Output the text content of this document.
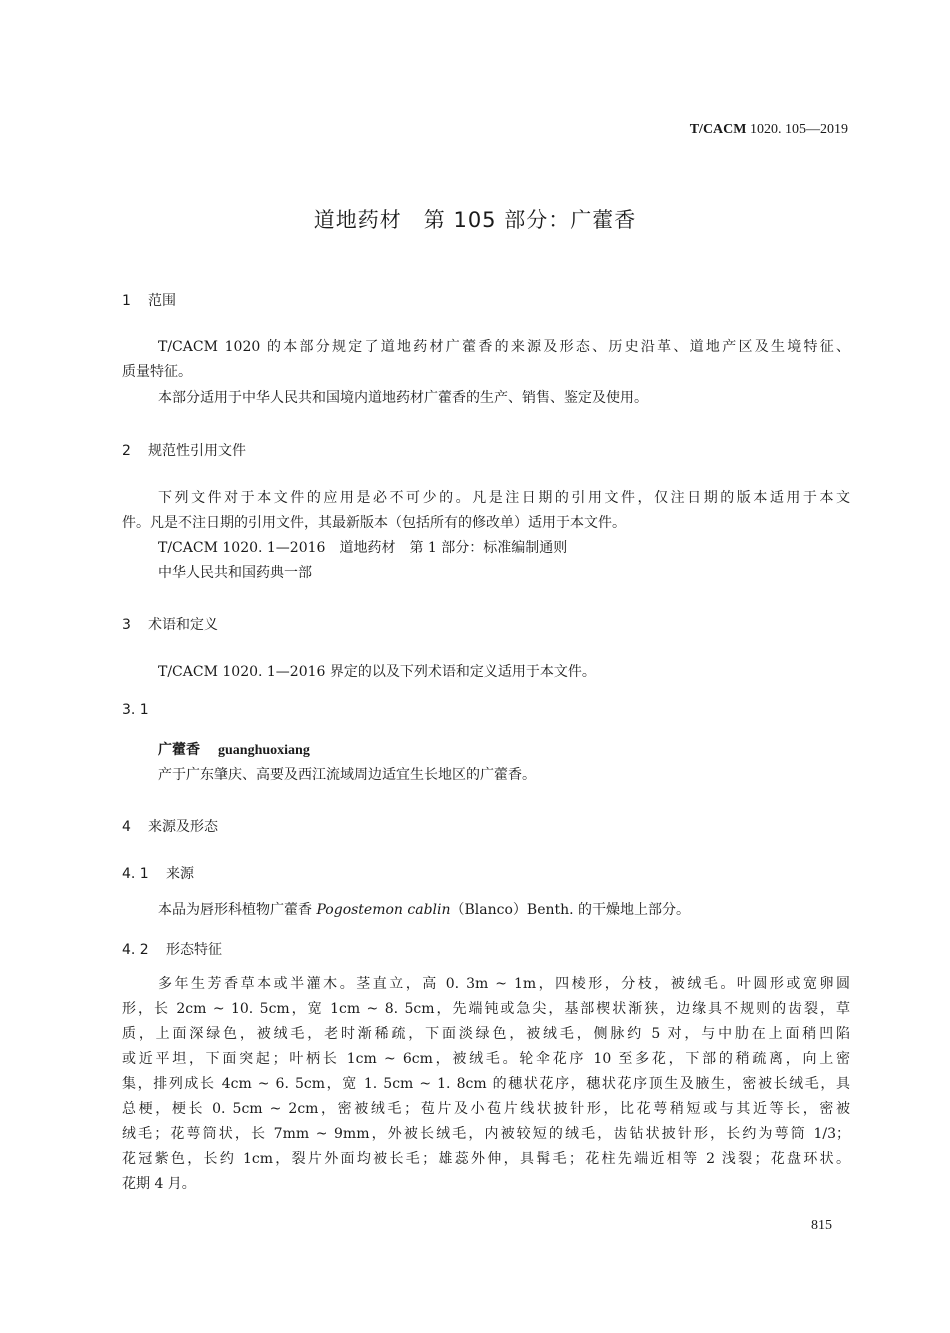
T/CACM 1020. 105—2019
道地药材　第 105 部分：广藿香
1 范围
T/CACM 1020 的本部分规定了道地药材广藿香的来源及形态、历史沿革、道地产区及生境特征、
质量特征。
本部分适用于中华人民共和国境内道地药材广藿香的生产、销售、鉴定及使用。
2 规范性引用文件
下列文件对于本文件的应用是必不可少的。凡是注日期的引用文件，仅注日期的版本适用于本文
件。凡是不注日期的引用文件，其最新版本（包括所有的修改单）适用于本文件。
T/CACM 1020. 1—2016　道地药材　第 1 部分：标准编制通则
中华人民共和国药典一部
3 术语和定义
T/CACM 1020. 1—2016 界定的以及下列术语和定义适用于本文件。
3. 1
广藿香 guanghuoxiang
产于广东肇庆、高要及西江流域周边适宜生长地区的广藿香。
4 来源及形态
4. 1 来源
本品为唇形科植物广藿香 Pogostemon cablin（Blanco）Benth. 的干燥地上部分。
4. 2 形态特征
多年生芳香草本或半灌木。茎直立，高 0. 3m ~ 1m，四棱形，分枝，被绒毛。叶圆形或宽卵圆
形，长 2cm ~ 10. 5cm，宽 1cm ~ 8. 5cm，先端钝或急尖，基部楔状渐狭，边缘具不规则的齿裂，草
质，上面深绿色，被绒毛，老时渐稀疏，下面淡绿色，被绒毛，侧脉约 5 对，与中肋在上面稍凹陷
或近平坦，下面突起；叶柄长 1cm ~ 6cm，被绒毛。轮伞花序 10 至多花，下部的稍疏离，向上密
集，排列成长 4cm ~ 6. 5cm，宽 1. 5cm ~ 1. 8cm 的穗状花序，穗状花序顶生及腋生，密被长绒毛，具
总梗，梗长 0. 5cm ~ 2cm，密被绒毛；苞片及小苞片线状披针形，比花萼稍短或与其近等长，密被
绒毛；花萼筒状，长 7mm ~ 9mm，外被长绒毛，内被较短的绒毛，齿钻状披针形，长约为萼筒 1/3；
花冠紫色，长约 1cm，裂片外面均被长毛；雄蕊外伸，具髯毛；花柱先端近相等 2 浅裂；花盘环状。
花期 4 月。
815
